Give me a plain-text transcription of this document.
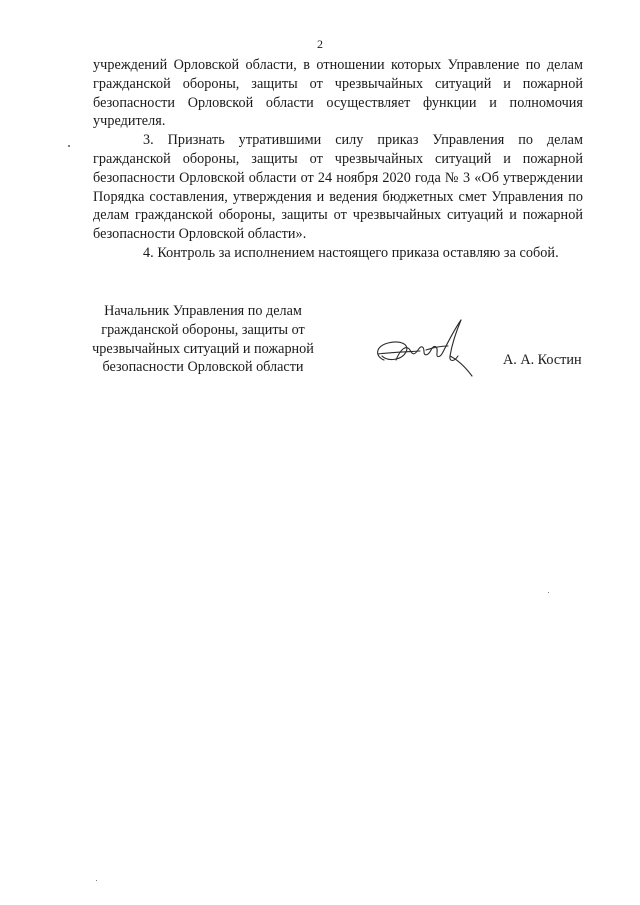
2

учреждений Орловской области, в отношении которых Управление по делам гражданской обороны, защиты от чрезвычайных ситуаций и пожарной безопасности Орловской области осуществляет функции и полномочия учредителя.

3. Признать утратившими силу приказ Управления по делам гражданской обороны, защиты от чрезвычайных ситуаций и пожарной безопасности Орловской области от 24 ноября 2020 года № 3 «Об утверждении Порядка составления, утверждения и ведения бюджетных смет Управления по делам гражданской обороны, защиты от чрезвычайных ситуаций и пожарной безопасности Орловской области».

4. Контроль за исполнением настоящего приказа оставляю за собой.

Начальник Управления по делам
гражданской обороны, защиты от
чрезвычайных ситуаций и пожарной
безопасности Орловской области	А. А. Костин
